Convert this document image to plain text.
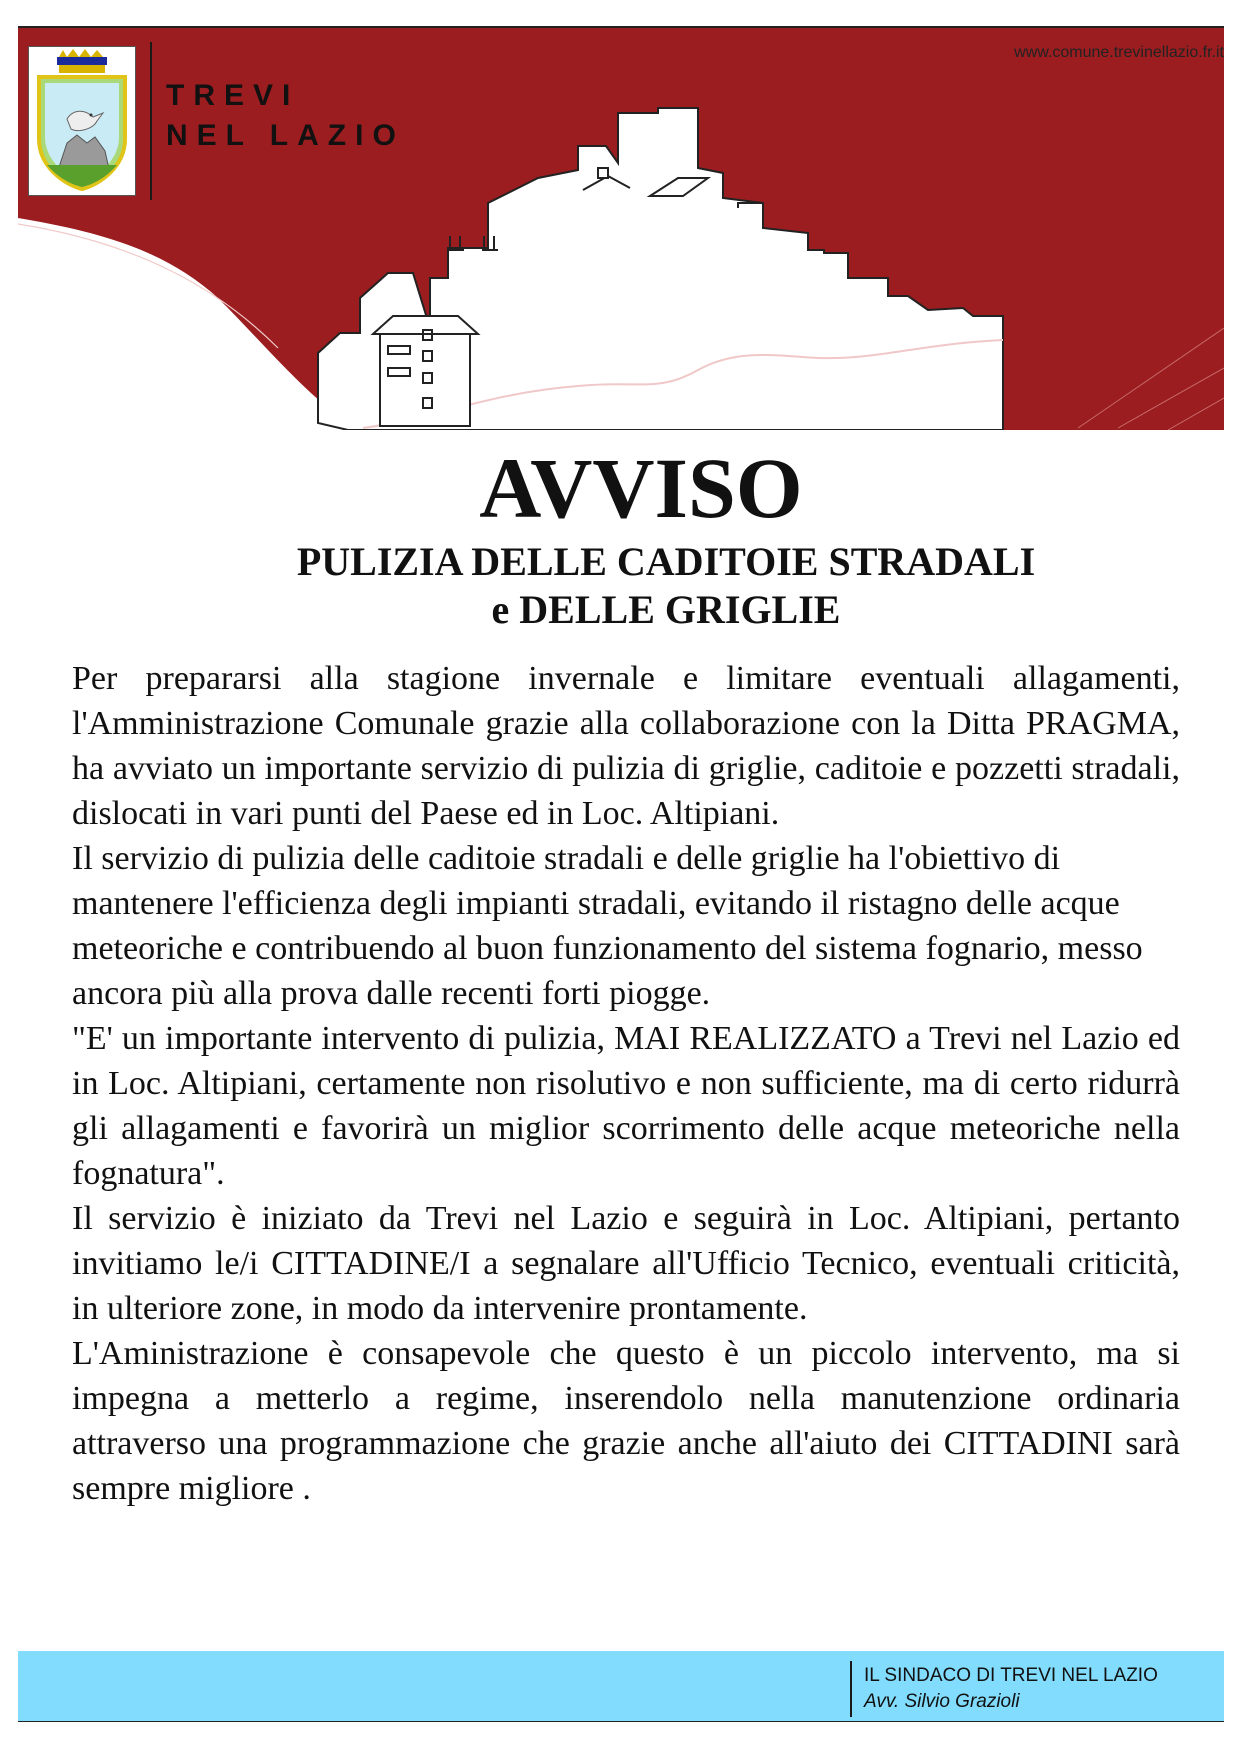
TREVI
NEL LAZIO
www.comune.trevinellazio.fr.it
AVVISO
PULIZIA DELLE CADITOIE STRADALI
e DELLE GRIGLIE

Per prepararsi alla stagione invernale e limitare eventuali allagamenti, l'Amministrazione Comunale grazie alla collaborazione con la Ditta PRAGMA, ha avviato un importante servizio di pulizia di griglie, caditoie e pozzetti stradali, dislocati in vari punti del Paese ed in Loc. Altipiani.

Il servizio di pulizia delle caditoie stradali e delle griglie ha l'obiettivo di mantenere l'efficienza degli impianti stradali, evitando il ristagno delle acque meteoriche e contribuendo al buon funzionamento del sistema fognario, messo ancora più alla prova dalle recenti forti piogge.

"E' un importante intervento di pulizia, MAI REALIZZATO a Trevi nel Lazio ed in Loc. Altipiani, certamente non risolutivo e non sufficiente, ma di certo ridurrà gli allagamenti e favorirà un miglior scorrimento delle acque meteoriche nella fognatura".

Il servizio è iniziato da Trevi nel Lazio e seguirà in Loc. Altipiani, pertanto invitiamo le/i CITTADINE/I a segnalare all'Ufficio Tecnico, eventuali criticità, in ulteriore zone, in modo da intervenire prontamente.

L'Aministrazione è consapevole che questo è un piccolo intervento, ma si impegna a metterlo a regime, inserendolo nella manutenzione ordinaria attraverso una programmazione che grazie anche all'aiuto dei CITTADINI sarà sempre migliore .

IL SINDACO DI TREVI NEL LAZIO
Avv. Silvio Grazioli
